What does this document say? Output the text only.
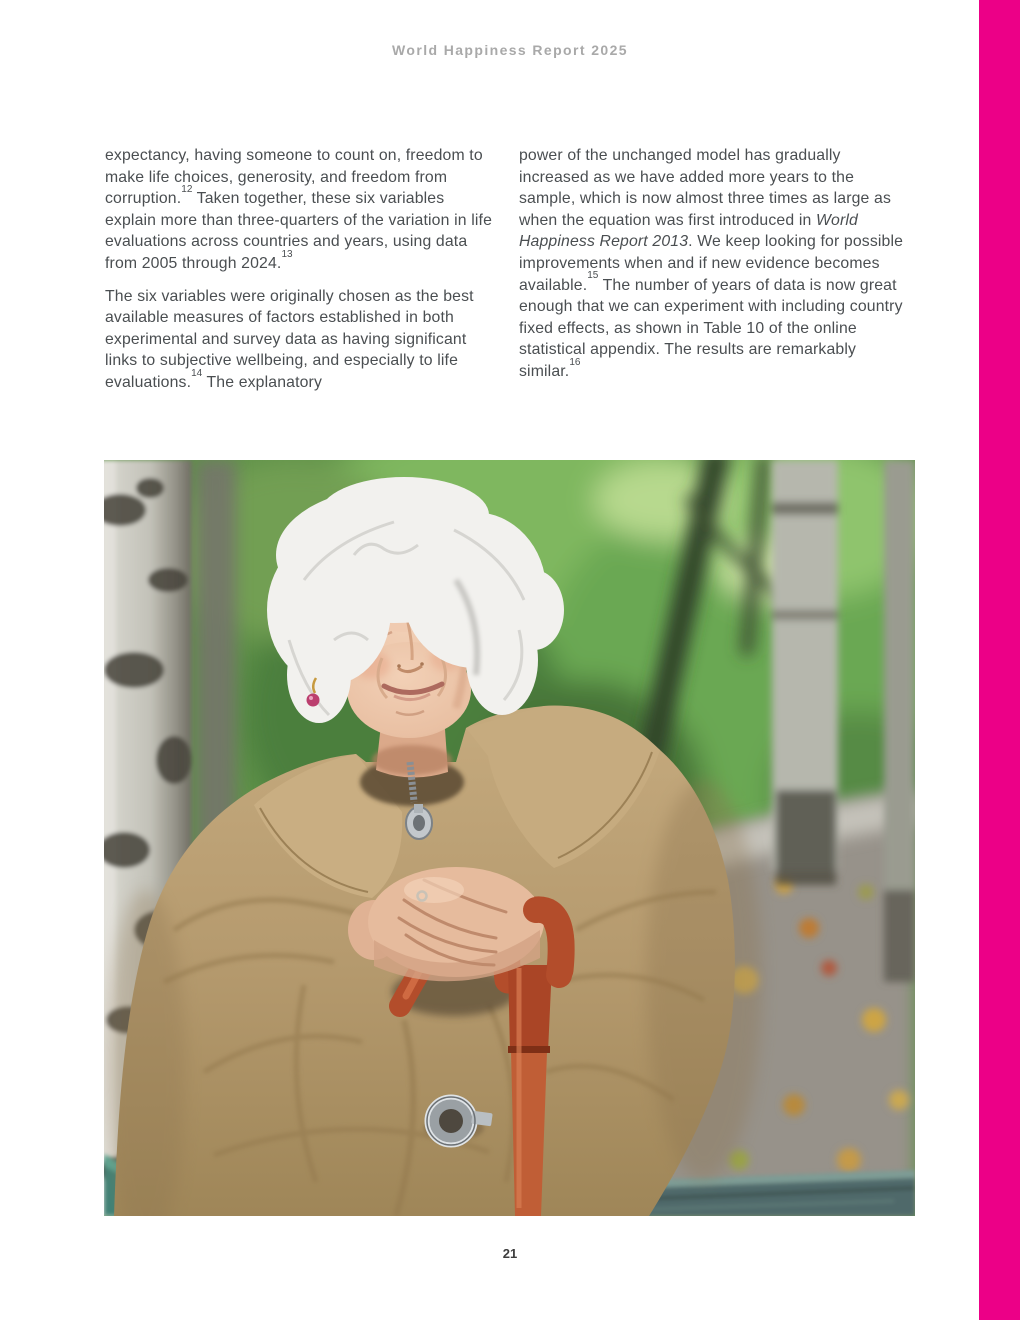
World Happiness Report 2025

expectancy, having someone to count on, freedom to make life choices, generosity, and freedom from corruption.$^{12}$ Taken together, these six variables explain more than three-quarters of the variation in life evaluations across countries and years, using data from 2005 through 2024.13

The six variables were originally chosen as the best available measures of factors established in both experimental and survey data as having significant links to subjective wellbeing, and especially to life evaluations.$^{14}$ The explanatory

power of the unchanged model has gradually increased as we have added more years to the sample, which is now almost three times as large as when the equation was first introduced in World Happiness Report 2013. We keep looking for possible improvements when and if new evidence becomes available.$^{15}$ The number of years of data is now great enough that we can experiment with including country fixed effects, as shown in Table 10 of the online statistical appendix. The results are remarkably similar.$^{16}$

21
